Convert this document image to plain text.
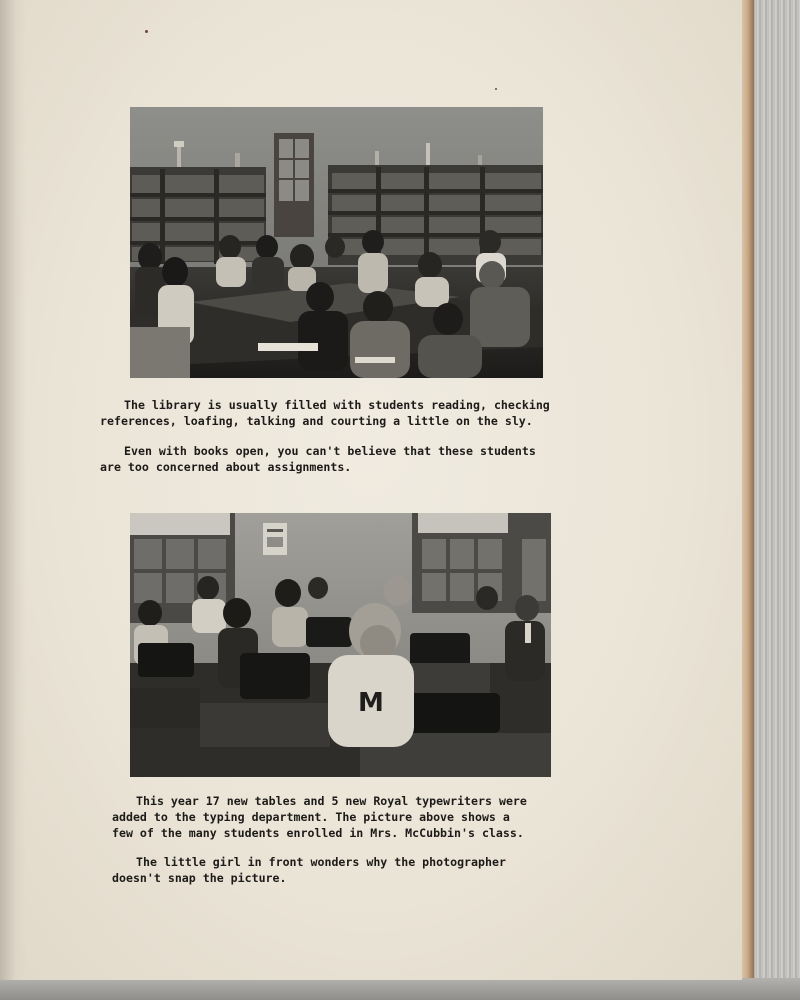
The library is usually filled with students reading, checking
references, loafing, talking and courting a little on the sly.

Even with books open, you can't believe that these students
are too concerned about assignments.

M

This year 17 new tables and 5 new Royal typewriters were
added to the typing department. The picture above shows a
few of the many students enrolled in Mrs. McCubbin's class.

The little girl in front wonders why the photographer
doesn't snap the picture.
